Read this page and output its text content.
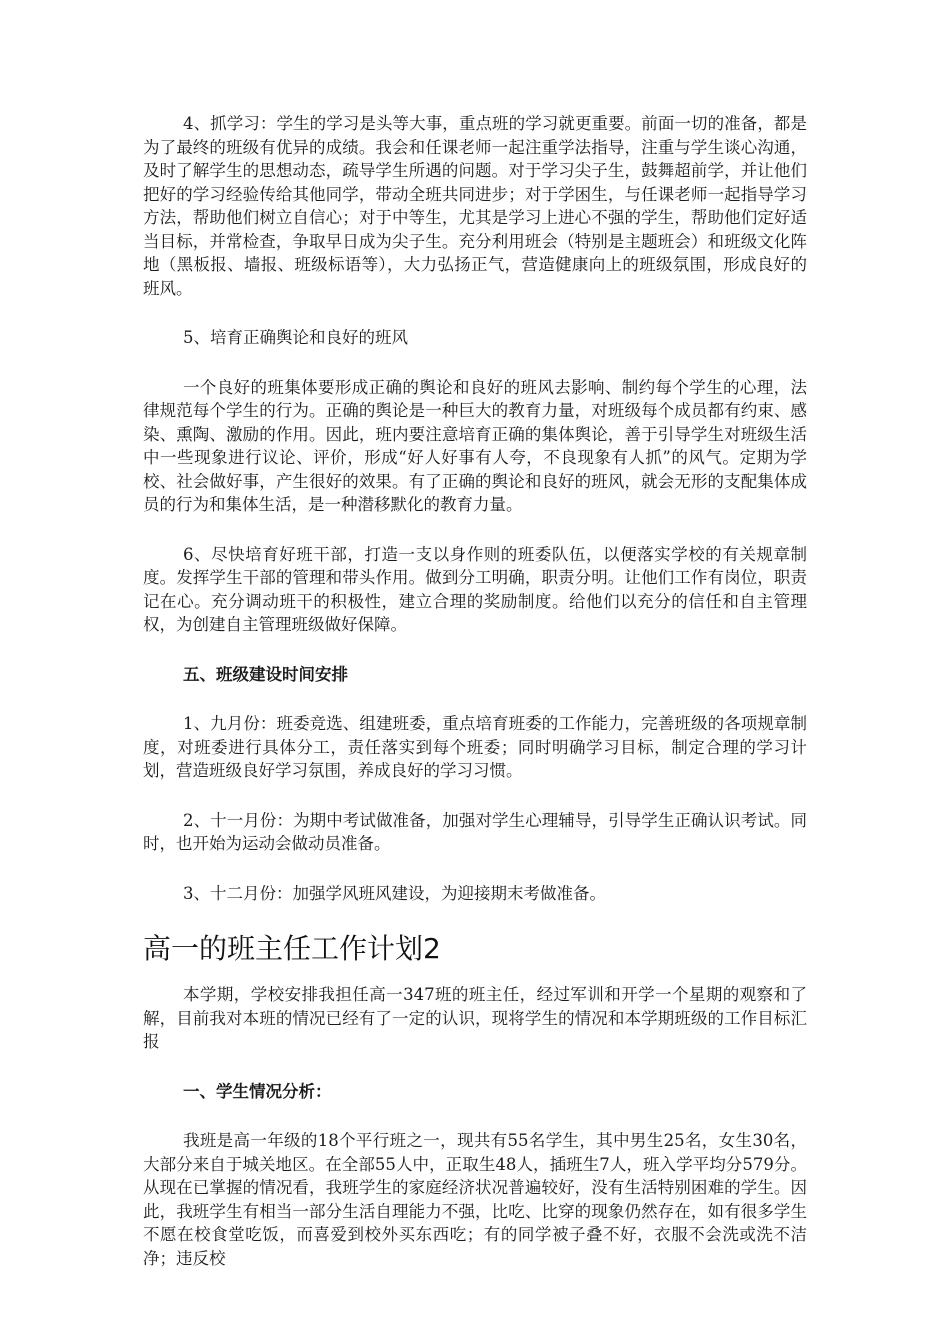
4、抓学习：学生的学习是头等大事，重点班的学习就更重要。前面一切的准备，都是为了最终的班级有优异的成绩。我会和任课老师一起注重学法指导，注重与学生谈心沟通，及时了解学生的思想动态，疏导学生所遇的问题。对于学习尖子生，鼓舞超前学，并让他们把好的学习经验传给其他同学，带动全班共同进步；对于学困生，与任课老师一起指导学习方法，帮助他们树立自信心；对于中等生，尤其是学习上进心不强的学生，帮助他们定好适当目标，并常检查，争取早日成为尖子生。充分利用班会（特别是主题班会）和班级文化阵地（黑板报、墙报、班级标语等），大力弘扬正气，营造健康向上的班级氛围，形成良好的班风。

5、培育正确舆论和良好的班风

一个良好的班集体要形成正确的舆论和良好的班风去影响、制约每个学生的心理，法律规范每个学生的行为。正确的舆论是一种巨大的教育力量，对班级每个成员都有约束、感染、熏陶、激励的作用。因此，班内要注意培育正确的集体舆论，善于引导学生对班级生活中一些现象进行议论、评价，形成“好人好事有人夸，不良现象有人抓”的风气。定期为学校、社会做好事，产生很好的效果。有了正确的舆论和良好的班风，就会无形的支配集体成员的行为和集体生活，是一种潜移默化的教育力量。

6、尽快培育好班干部，打造一支以身作则的班委队伍，以便落实学校的有关规章制度。发挥学生干部的管理和带头作用。做到分工明确，职责分明。让他们工作有岗位，职责记在心。充分调动班干的积极性，建立合理的奖励制度。给他们以充分的信任和自主管理权，为创建自主管理班级做好保障。

五、班级建设时间安排

1、九月份：班委竞选、组建班委，重点培育班委的工作能力，完善班级的各项规章制度，对班委进行具体分工，责任落实到每个班委；同时明确学习目标，制定合理的学习计划，营造班级良好学习氛围，养成良好的学习习惯。

2、十一月份：为期中考试做准备，加强对学生心理辅导，引导学生正确认识考试。同时，也开始为运动会做动员准备。

3、十二月份：加强学风班风建设，为迎接期末考做准备。

高一的班主任工作计划2

本学期，学校安排我担任高一347班的班主任，经过军训和开学一个星期的观察和了解，目前我对本班的情况已经有了一定的认识，现将学生的情况和本学期班级的工作目标汇报

一、学生情况分析：

我班是高一年级的18个平行班之一，现共有55名学生，其中男生25名，女生30名，大部分来自于城关地区。在全部55人中，正取生48人，插班生7人，班入学平均分579分。从现在已掌握的情况看，我班学生的家庭经济状况普遍较好，没有生活特别困难的学生。因此，我班学生有相当一部分生活自理能力不强，比吃、比穿的现象仍然存在，如有很多学生不愿在校食堂吃饭，而喜爱到校外买东西吃；有的同学被子叠不好，衣服不会洗或洗不洁净；违反校
